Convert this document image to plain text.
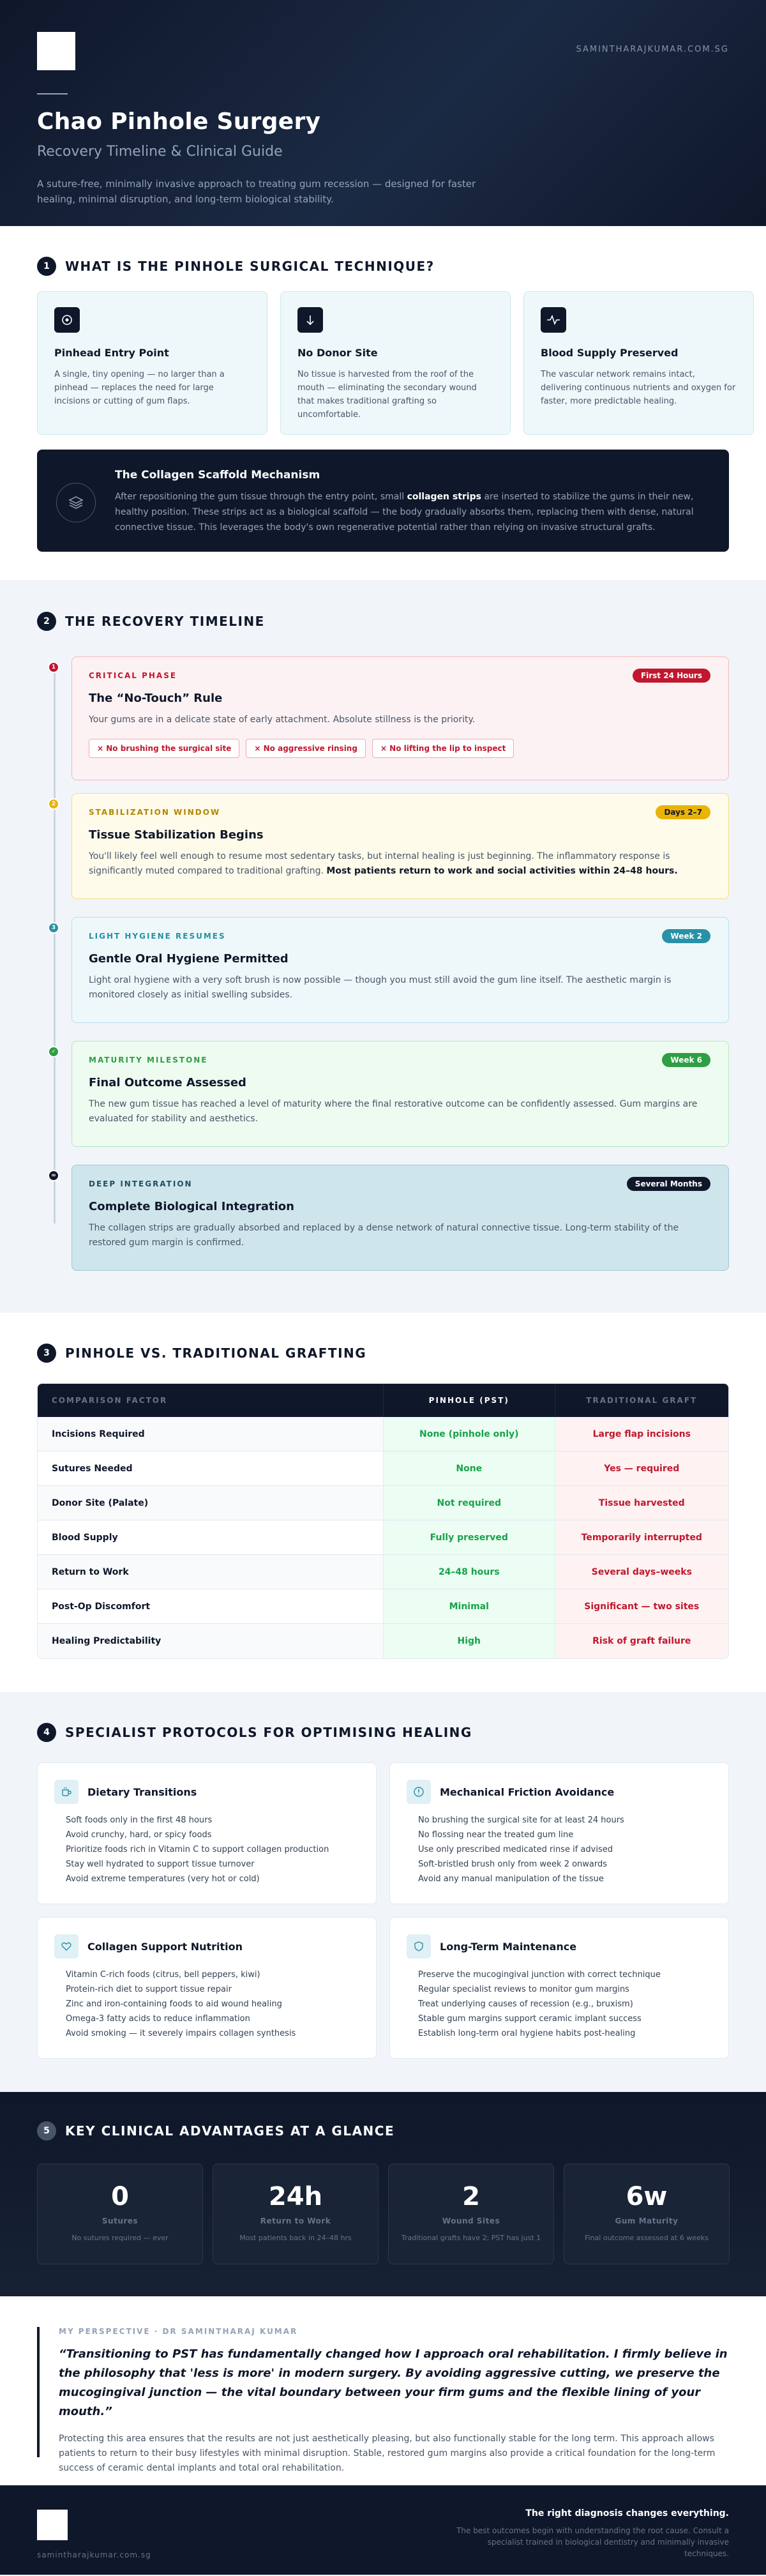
SAMINTHARAJKUMAR.COM.SG
Chao Pinhole Surgery
Recovery Timeline & Clinical Guide
A suture-free, minimally invasive approach to treating gum recession — designed for faster healing, minimal disruption, and long-term biological stability.
1	WHAT IS THE PINHOLE SURGICAL TECHNIQUE?
Pinhead Entry Point

A single, tiny opening — no larger than a pinhead — replaces the need for large incisions or cutting of gum flaps.

No Donor Site

No tissue is harvested from the roof of the mouth — eliminating the secondary wound that makes traditional grafting so uncomfortable.

Blood Supply Preserved

The vascular network remains intact, delivering continuous nutrients and oxygen for faster, more predictable healing.

The Collagen Scaffold Mechanism

After repositioning the gum tissue through the entry point, small collagen strips are inserted to stabilize the gums in their new, healthy position. These strips act as a biological scaffold — the body gradually absorbs them, replacing them with dense, natural connective tissue. This leverages the body's own regenerative potential rather than relying on invasive structural grafts.

2	THE RECOVERY TIMELINE
1
CRITICAL PHASE	First 24 Hours
The “No-Touch” Rule

Your gums are in a delicate state of early attachment. Absolute stillness is the priority.

× No brushing the surgical site	× No aggressive rinsing	× No lifting the lip to inspect
2
STABILIZATION WINDOW	Days 2–7
Tissue Stabilization Begins

You'll likely feel well enough to resume most sedentary tasks, but internal healing is just beginning. The inflammatory response is significantly muted compared to traditional grafting. Most patients return to work and social activities within 24–48 hours.

3
LIGHT HYGIENE RESUMES	Week 2
Gentle Oral Hygiene Permitted

Light oral hygiene with a very soft brush is now possible — though you must still avoid the gum line itself. The aesthetic margin is monitored closely as initial swelling subsides.

✓
MATURITY MILESTONE	Week 6
Final Outcome Assessed

The new gum tissue has reached a level of maturity where the final restorative outcome can be confidently assessed. Gum margins are evaluated for stability and aesthetics.

∞
DEEP INTEGRATION	Several Months
Complete Biological Integration

The collagen strips are gradually absorbed and replaced by a dense network of natural connective tissue. Long-term stability of the restored gum margin is confirmed.

3	PINHOLE VS. TRADITIONAL GRAFTING
COMPARISON FACTOR	PINHOLE (PST)	TRADITIONAL GRAFT
Incisions Required	None (pinhole only)	Large flap incisions
Sutures Needed	None	Yes — required
Donor Site (Palate)	Not required	Tissue harvested
Blood Supply	Fully preserved	Temporarily interrupted
Return to Work	24–48 hours	Several days–weeks
Post-Op Discomfort	Minimal	Significant — two sites
Healing Predictability	High	Risk of graft failure
4	SPECIALIST PROTOCOLS FOR OPTIMISING HEALING
Dietary Transitions
Soft foods only in the first 48 hours
Avoid crunchy, hard, or spicy foods
Prioritize foods rich in Vitamin C to support collagen production
Stay well hydrated to support tissue turnover
Avoid extreme temperatures (very hot or cold)
Mechanical Friction Avoidance
No brushing the surgical site for at least 24 hours
No flossing near the treated gum line
Use only prescribed medicated rinse if advised
Soft-bristled brush only from week 2 onwards
Avoid any manual manipulation of the tissue
Collagen Support Nutrition
Vitamin C-rich foods (citrus, bell peppers, kiwi)
Protein-rich diet to support tissue repair
Zinc and iron-containing foods to aid wound healing
Omega-3 fatty acids to reduce inflammation
Avoid smoking — it severely impairs collagen synthesis
Long-Term Maintenance
Preserve the mucogingival junction with correct technique
Regular specialist reviews to monitor gum margins
Treat underlying causes of recession (e.g., bruxism)
Stable gum margins support ceramic implant success
Establish long-term oral hygiene habits post-healing
5	KEY CLINICAL ADVANTAGES AT A GLANCE
0
Sutures
No sutures required — ever
24h
Return to Work
Most patients back in 24–48 hrs
2
Wound Sites
Traditional grafts have 2; PST has just 1
6w
Gum Maturity
Final outcome assessed at 6 weeks
MY PERSPECTIVE · DR SAMINTHARAJ KUMAR
“Transitioning to PST has fundamentally changed how I approach oral rehabilitation. I firmly believe in the philosophy that 'less is more' in modern surgery. By avoiding aggressive cutting, we preserve the mucogingival junction — the vital boundary between your firm gums and the flexible lining of your mouth.”
Protecting this area ensures that the results are not just aesthetically pleasing, but also functionally stable for the long term. This approach allows patients to return to their busy lifestyles with minimal disruption. Stable, restored gum margins also provide a critical foundation for the long-term success of ceramic dental implants and total oral rehabilitation.
samintharajkumar.com.sg
The right diagnosis changes everything.
The best outcomes begin with understanding the root cause. Consult a specialist trained in biological dentistry and minimally invasive techniques.
